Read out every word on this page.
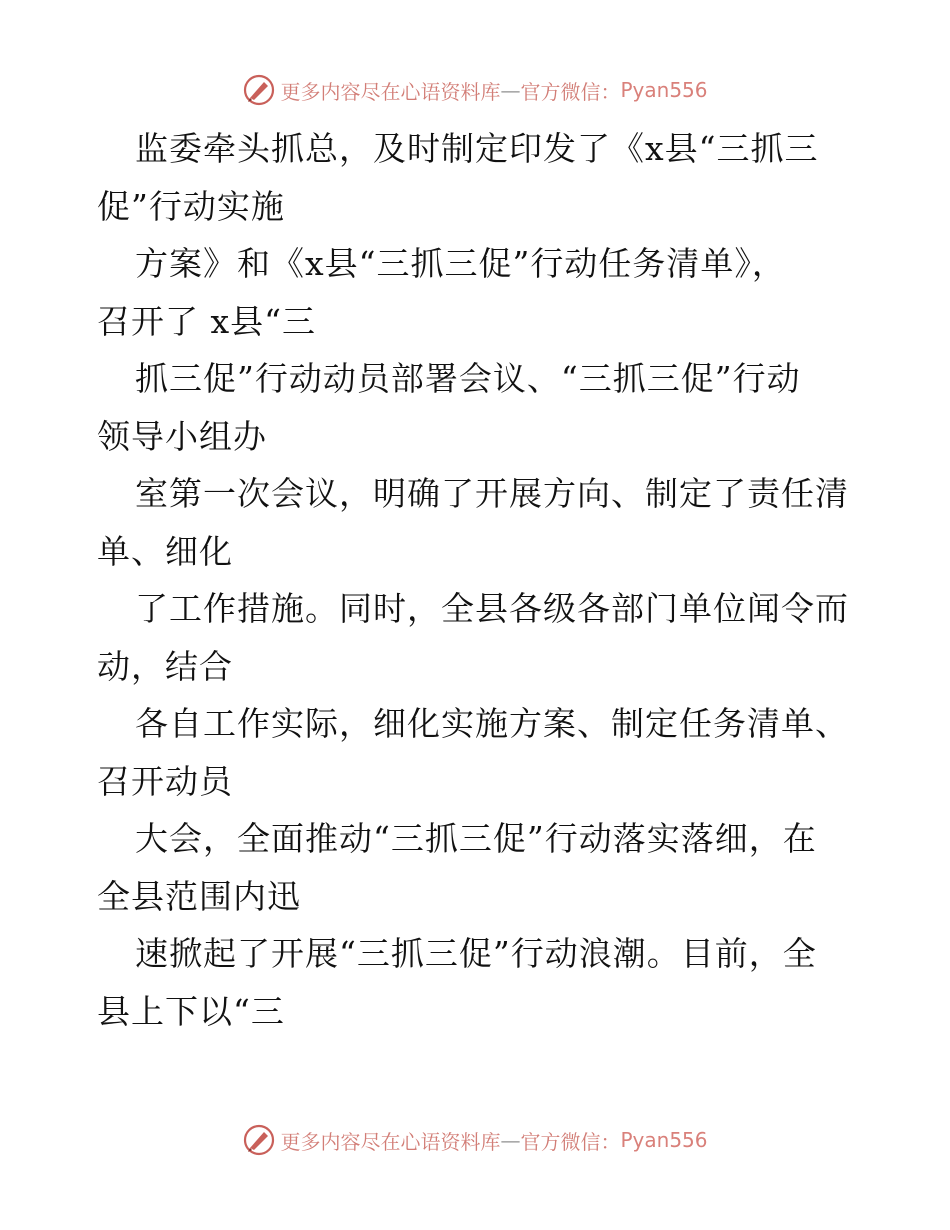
更多内容尽在心语资料库 — 官方微信： Pyan556
监委牵头抓总，及时制定印发了《x县“三抓三
促”行动实施
方案》和《x县“三抓三促”行动任务清单》，
召开了 x县“三
抓三促”行动动员部署会议、“三抓三促”行动
领导小组办
室第一次会议，明确了开展方向、制定了责任清
单、细化
了工作措施。同时，全县各级各部门单位闻令而
动，结合
各自工作实际，细化实施方案、制定任务清单、
召开动员
大会，全面推动“三抓三促”行动落实落细，在
全县范围内迅
速掀起了开展“三抓三促”行动浪潮。目前，全
县上下以“三
更多内容尽在心语资料库 — 官方微信： Pyan556
